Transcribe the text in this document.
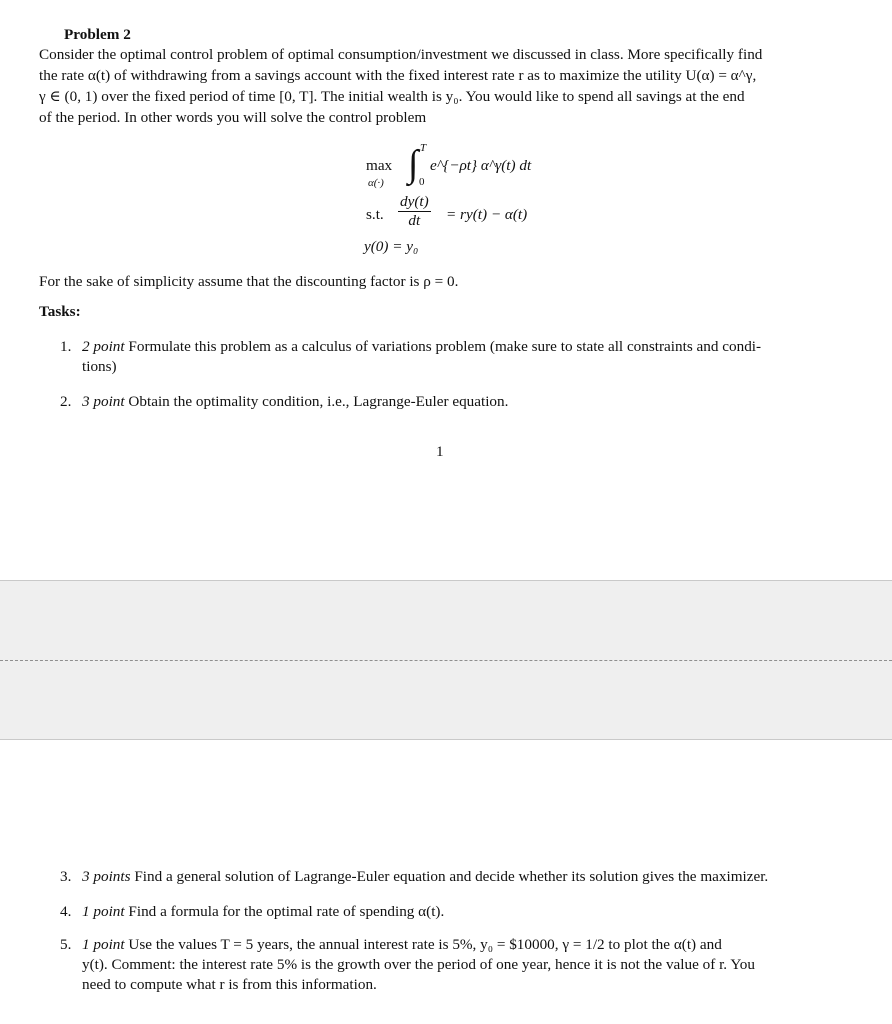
Problem 2
Consider the optimal control problem of optimal consumption/investment we discussed in class. More specifically find
the rate α(t) of withdrawing from a savings account with the fixed interest rate r as to maximize the utility U(α) = α^γ,
γ ∈ (0, 1) over the fixed period of time [0, T]. The initial wealth is y₀. You would like to spend all savings at the end
of the period. In other words you will solve the control problem
max
α(·) ∫ T
0
e^{−ρt} α^γ(t) dt
s.t. $\frac{dy(t)}{dt} = ry(t) - \alpha(t)$
y(0) = y₀
For the sake of simplicity assume that the discounting factor is ρ = 0.
Tasks:
1. 2 point Formulate this problem as a calculus of variations problem (make sure to state all constraints and condi-
tions)
2. 3 point Obtain the optimality condition, i.e., Lagrange-Euler equation.
1
3. 3 points Find a general solution of Lagrange-Euler equation and decide whether its solution gives the maximizer.
4. 1 point Find a formula for the optimal rate of spending α(t).
5. 1 point Use the values T = 5 years, the annual interest rate is 5%, y₀ = $10000, γ = 1/2 to plot the α(t) and
y(t). Comment: the interest rate 5% is the growth over the period of one year, hence it is not the value of r. You
need to compute what r is from this information.
